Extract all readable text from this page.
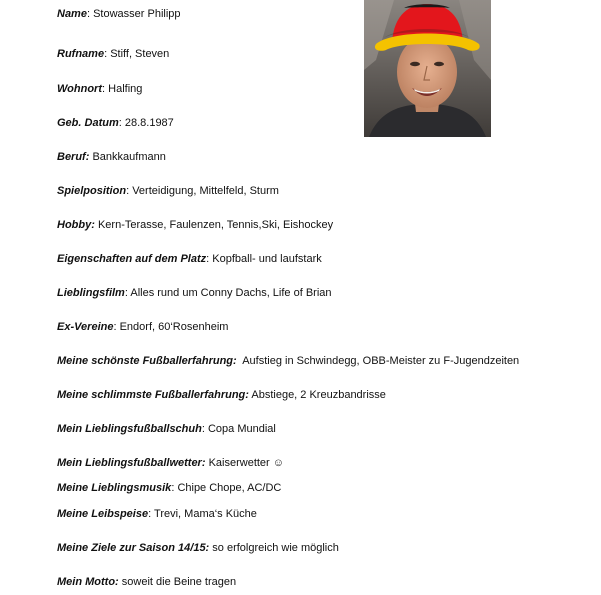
Name: Stowasser Philipp
Rufname: Stiff, Steven
Wohnort: Halfing
Geb. Datum: 28.8.1987
Beruf: Bankkaufmann
Spielposition: Verteidigung, Mittelfeld, Sturm
Hobby: Kern-Terasse, Faulenzen, Tennis,Ski, Eishockey
Eigenschaften auf dem Platz: Kopfball- und laufstark
Lieblingsfilm: Alles rund um Conny Dachs, Life of Brian
Ex-Vereine: Endorf, 60‘Rosenheim
Meine schönste Fußballerfahrung: Aufstieg in Schwindegg, OBB-Meister zu F-Jugendzeiten
Meine schlimmste Fußballerfahrung: Abstiege, 2 Kreuzbandrisse
Mein Lieblingsfußballschuh: Copa Mundial
Mein Lieblingsfußballwetter: Kaiserwetter ☺
Meine Lieblingsmusik: Chipe Chope, AC/DC
Meine Leibspeise: Trevi, Mama‘s Küche
Meine Ziele zur Saison 14/15: so erfolgreich wie möglich
Mein Motto: soweit die Beine tragen
